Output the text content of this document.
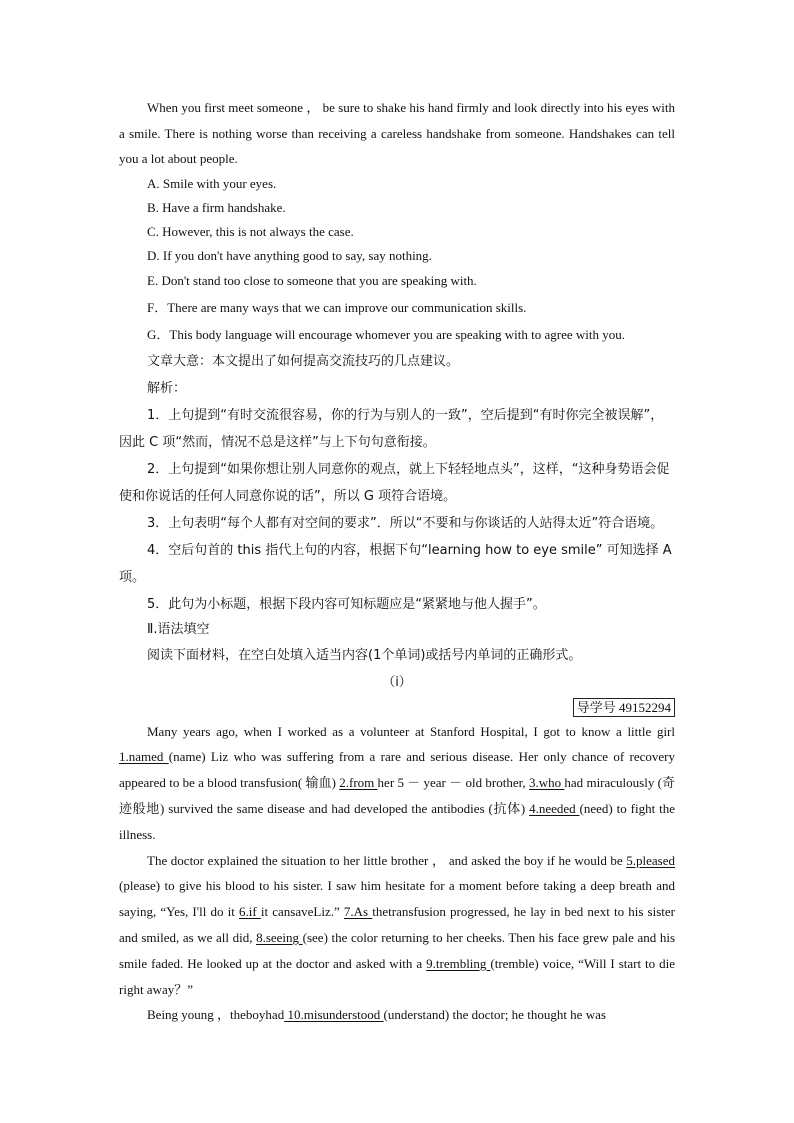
When you first meet someone ， be sure to shake his hand firmly and look directly into his eyes with a smile. There is nothing worse than receiving a careless handshake from someone. Handshakes can tell you a lot about people.

A. Smile with your eyes.

B. Have a firm handshake.

C. However, this is not always the case.

D. If you don't have anything good to say, say nothing.

E. Don't stand too close to someone that you are speaking with.

F．There are many ways that we can improve our communication skills.

G．This body language will encourage whomever you are speaking with to agree with you.

文章大意：本文提出了如何提高交流技巧的几点建议。

解析：

1．上句提到“有时交流很容易，你的行为与别人的一致”，空后提到“有时你完全被误解”，因此 C 项“然而，情况不总是这样”与上下句句意衔接。

2．上句提到“如果你想让别人同意你的观点，就上下轻轻地点头”，这样，“这种身势语会促使和你说话的任何人同意你说的话”，所以 G 项符合语境。

3．上句表明“每个人都有对空间的要求”．所以“不要和与你谈话的人站得太近”符合语境。

4．空后句首的 this 指代上句的内容，根据下句“learning how to eye smile” 可知选择 A 项。

5．此句为小标题，根据下段内容可知标题应是“紧紧地与他人握手”。

Ⅱ.语法填空

阅读下面材料，在空白处填入适当内容(1个单词)或括号内单词的正确形式。

（ⅰ）

导学号 49152294

Many years ago, when I worked as a volunteer at Stanford Hospital, I got to know a little girl 1.named (name) Liz who was suffering from a rare and serious disease. Her only chance of recovery appeared to be a blood transfusion( 输血) 2.from her 5 － year － old brother, 3.who had miraculously (奇迹般地) survived the same disease and had developed the antibodies (抗体) 4.needed (need) to fight the illness.

The doctor explained the situation to her little brother ， and asked the boy if he would be 5.pleased (please) to give his blood to his sister. I saw him hesitate for a moment before taking a deep breath and saying, “Yes, I'll do it 6.if it cansaveLiz.” 7.As thetransfusion progressed, he lay in bed next to his sister and smiled, as we all did, 8.seeing (see) the color returning to her cheeks. Then his face grew pale and his smile faded. He looked up at the doctor and asked with a 9.trembling (tremble) voice, “Will I start to die right away？”

Being young ，theboyhad 10.misunderstood (understand) the doctor; he thought he was
